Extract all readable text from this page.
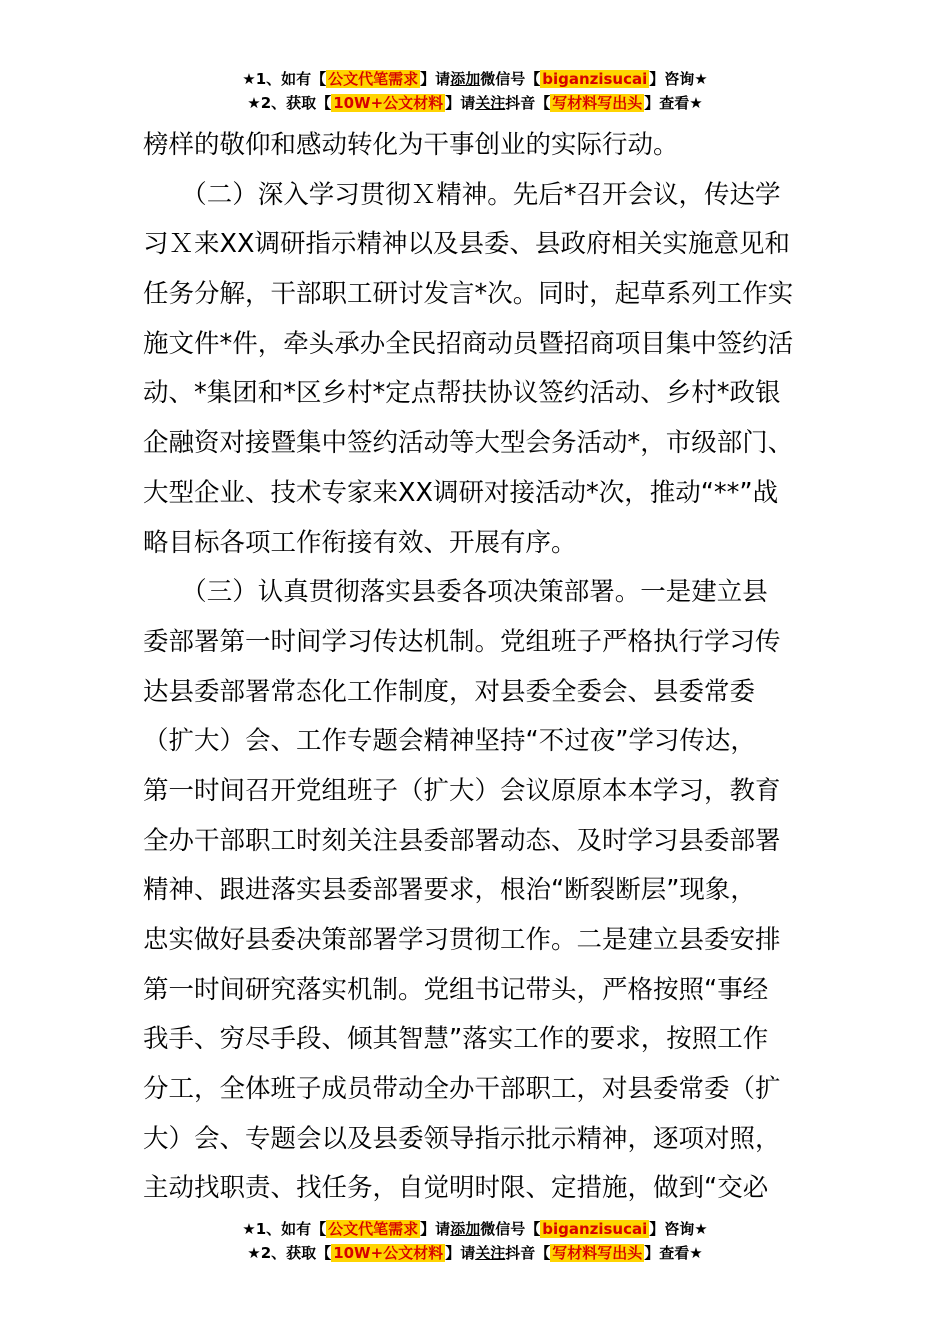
★1、如有【 公文代笔需求 】请添加微信号【 biganzisucai 】咨询★
★2、获取【 10W+公文材料 】请关注抖音【 写材料写出头 】查看★
榜样的敬仰和感动转化为干事创业的实际行动。
　　（二）深入学习贯彻Ｘ精神。先后*召开会议，传达学
习Ｘ来XX调研指示精神以及县委、县政府相关实施意见和
任务分解，干部职工研讨发言*次。同时，起草系列工作实
施文件*件，牵头承办全民招商动员暨招商项目集中签约活
动、*集团和*区乡村*定点帮扶协议签约活动、乡村*政银
企融资对接暨集中签约活动等大型会务活动*，市级部门、
大型企业、技术专家来XX调研对接活动*次，推动“**”战
略目标各项工作衔接有效、开展有序。
　　（三）认真贯彻落实县委各项决策部署。一是建立县
委部署第一时间学习传达机制。党组班子严格执行学习传
达县委部署常态化工作制度，对县委全委会、县委常委
（扩大）会、工作专题会精神坚持“不过夜”学习传达，
第一时间召开党组班子（扩大）会议原原本本学习，教育
全办干部职工时刻关注县委部署动态、及时学习县委部署
精神、跟进落实县委部署要求，根治“断裂断层”现象，
忠实做好县委决策部署学习贯彻工作。二是建立县委安排
第一时间研究落实机制。党组书记带头，严格按照“事经
我手、穷尽手段、倾其智慧”落实工作的要求，按照工作
分工，全体班子成员带动全办干部职工，对县委常委（扩
大）会、专题会以及县委领导指示批示精神，逐项对照，
主动找职责、找任务，自觉明时限、定措施，做到“交必
★1、如有【 公文代笔需求 】请添加微信号【 biganzisucai 】咨询★
★2、获取【 10W+公文材料 】请关注抖音【 写材料写出头 】查看★
